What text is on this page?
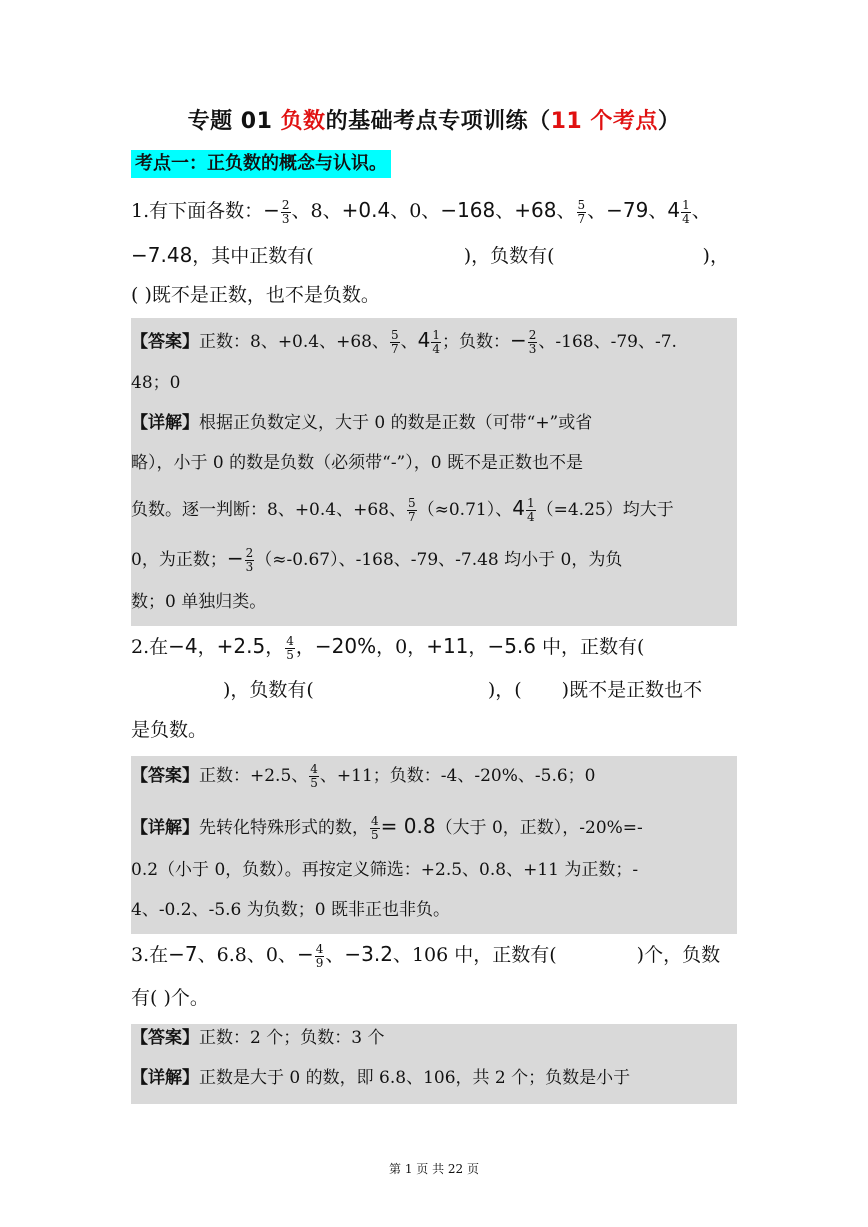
专题 01 负数的基础考点专项训练（11 个考点）
考点一：正负数的概念与认识。
1.有下面各数：− $\frac{2}{3}$ 、8、+0.4、0、−168、+68、 $\frac{5}{7}$ 、−79、$4 \frac{1}{4}$ 、
−7.48，其中正数有(	)，负数有(	)，
( )既不是正数，也不是负数。
【答案】正数：8、+0.4、+68、 $\frac{5}{7}$ 、$4 \frac{1}{4}$ ；负数：− $\frac{2}{3}$ 、-168、-79、-7.
48；0
【详解】根据正负数定义，大于 0 的数是正数（可带“+”或省
略），小于 0 的数是负数（必须带“-”），0 既不是正数也不是
负数。逐一判断：8、+0.4、+68、 $\frac{5}{7} (\approx 0.71)$、$4 \frac{1}{4} (=4.25)$均大于
0，为正数；− $\frac{2}{3} (\approx-0.67)$、-168、-79、-7.48 均小于 0，为负
数；0 单独归类。
2.在−4，+2.5， $\frac{4}{5}$ ，−20%，0，+11，−5.6 中，正数有(
)，负数有(	)，( )既不是正数也不
是负数。
【答案】正数：+2.5、 $\frac{4}{5}$ 、+11；负数：-4、-20%、-5.6；0
【详解】先转化特殊形式的数， $\frac{4}{5} = 0.8$（大于 0，正数），-20%=-
0.2（小于 0，负数）。再按定义筛选：+2.5、0.8、+11 为正数；-
4、-0.2、-5.6 为负数；0 既非正也非负。
3.在−7、6.8、0、− $\frac{4}{9}$ 、−3.2、106 中，正数有(	)个，负数
有( )个。
【答案】正数：2 个；负数：3 个
【详解】正数是大于 0 的数，即 6.8、106，共 2 个；负数是小于
第 1 页 共 22 页
